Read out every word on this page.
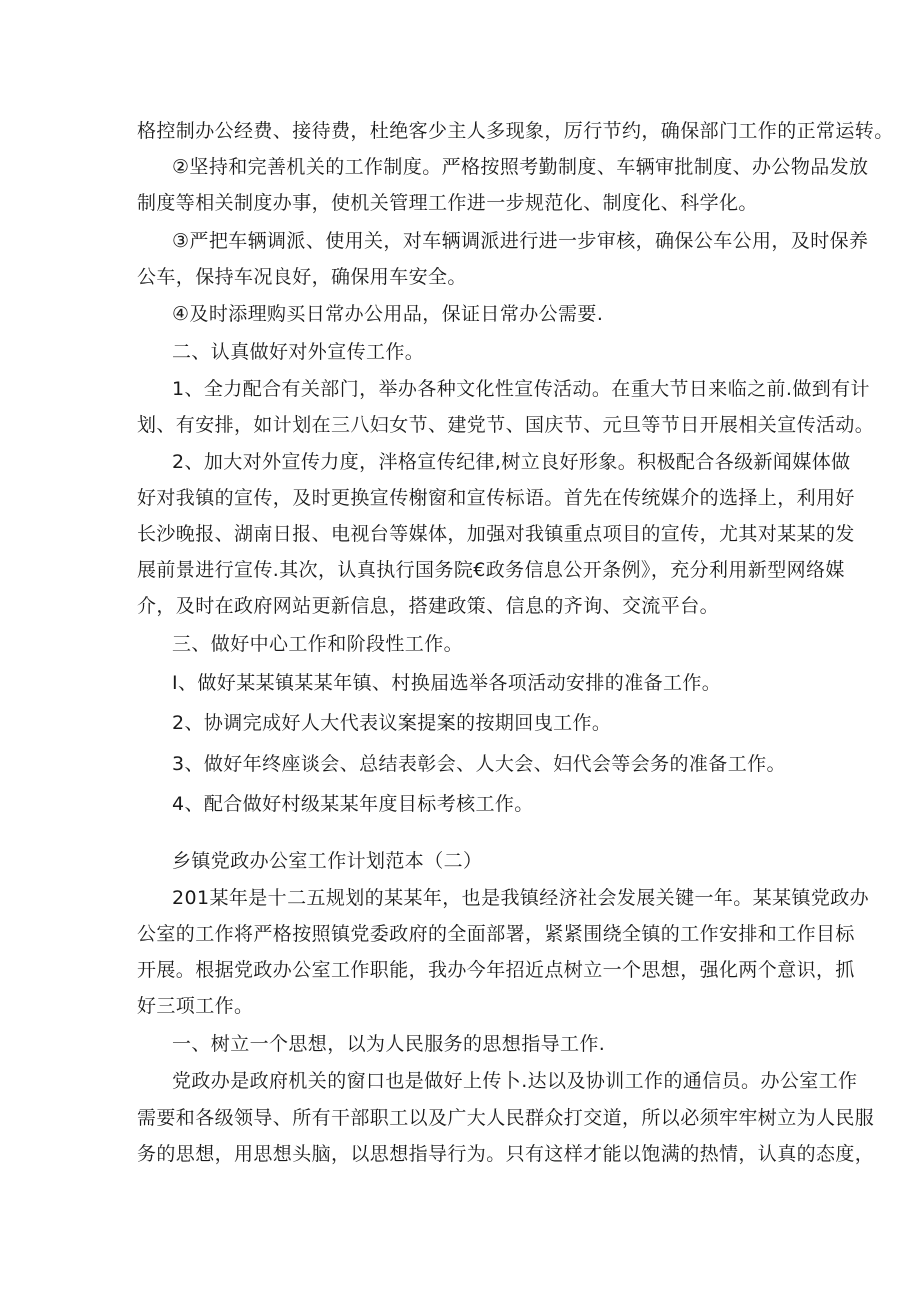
格控制办公经费、接待费，杜绝客少主人多现象，厉行节约，确保部门工作的正常运转。
②坚持和完善机关的工作制度。严格按照考勤制度、车辆审批制度、办公物品发放
制度等相关制度办事，使机关管理工作进一步规范化、制度化、科学化。
③严把车辆调派、使用关，对车辆调派进行进一步审核，确保公车公用，及时保养
公车，保持车况良好，确保用车安全。
④及时添理购买日常办公用品，保证日常办公需要.
二、认真做好对外宣传工作。
1、全力配合有关部门，举办各种文化性宣传活动。在重大节日来临之前.做到有计
划、有安排，如计划在三八妇女节、建党节、国庆节、元旦等节日开展相关宣传活动。
2、加大对外宣传力度，泮格宣传纪律,树立良好形象。积极配合各级新闻媒体做
好对我镇的宣传，及时更换宣传榭窗和宣传标语。首先在传统媒介的选择上，利用好
长沙晚报、湖南日报、电视台等媒体，加强对我镇重点项目的宣传，尤其对某某的发
展前景进行宣传.其次，认真执行国务院€政务信息公开条例》，充分利用新型网络媒
介，及时在政府网站更新信息，搭建政策、信息的齐询、交流平台。
三、做好中心工作和阶段性工作。
I、做好某某镇某某年镇、村换届选举各项活动安排的准备工作。
2、协调完成好人大代表议案提案的按期回曳工作。
3、做好年终座谈会、总结表彰会、人大会、妇代会等会务的准备工作。
4、配合做好村级某某年度目标考核工作。
乡镇党政办公室工作计划范本（二）
201某年是十二五规划的某某年，也是我镇经济社会发展关键一年。某某镇党政办
公室的工作将严格按照镇党委政府的全面部署，紧紧围绕全镇的工作安排和工作目标
开展。根据党政办公室工作职能，我办今年招近点树立一个思想，强化两个意识，抓
好三项工作。
一、树立一个思想，以为人民服务的思想指导工作.
党政办是政府机关的窗口也是做好上传卜.达以及协训工作的通信员。办公室工作
需要和各级领导、所有干部职工以及广大人民群众打交道，所以必须牢牢树立为人民服
务的思想，用思想头脑，以思想指导行为。只有这样才能以饱满的热情，认真的态度，
